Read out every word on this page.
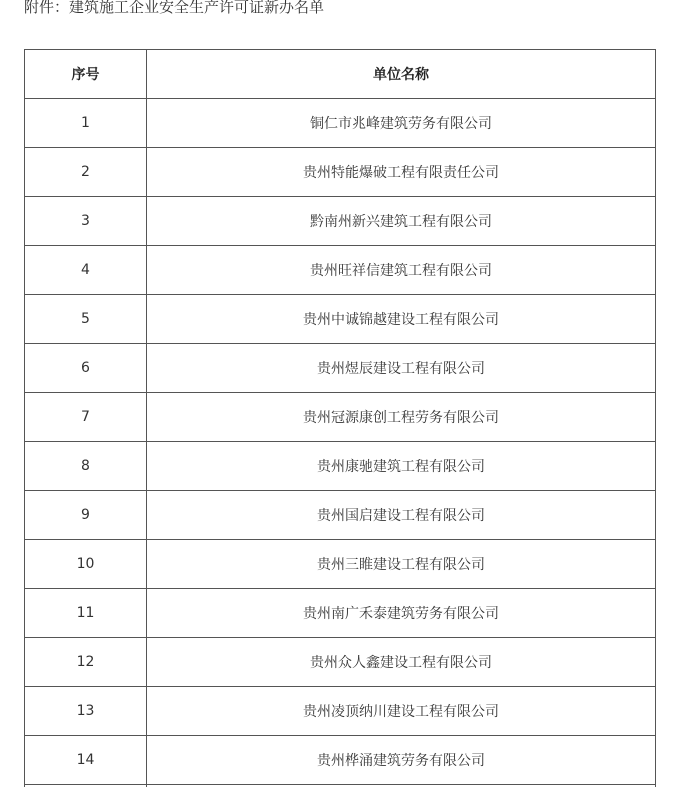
附件：建筑施工企业安全生产许可证新办名单
序号	单位名称
1	铜仁市兆峰建筑劳务有限公司
2	贵州特能爆破工程有限责任公司
3	黔南州新兴建筑工程有限公司
4	贵州旺祥信建筑工程有限公司
5	贵州中诚锦越建设工程有限公司
6	贵州煜辰建设工程有限公司
7	贵州冠源康创工程劳务有限公司
8	贵州康驰建筑工程有限公司
9	贵州国启建设工程有限公司
10	贵州三睢建设工程有限公司
11	贵州南广禾泰建筑劳务有限公司
12	贵州众人鑫建设工程有限公司
13	贵州凌顶纳川建设工程有限公司
14	贵州桦涌建筑劳务有限公司
